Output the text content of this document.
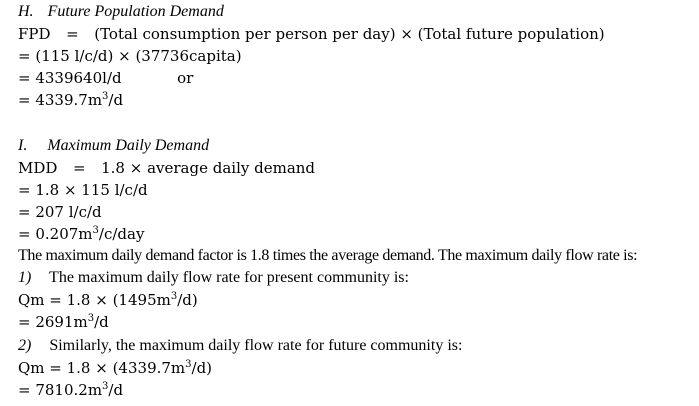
H. Future Population Demand
FPD = (Total consumption per person per day) × (Total future population)
= (115 l/c/d) × (37736capita)
= 4339640l/d	or
= $4339.7m^3/d$
I. Maximum Daily Demand
MDD = 1.8 × average daily demand
= 1.8 × 115 l/c/d
= 207 l/c/d
= $0.207m^3/c$/day
The maximum daily demand factor is 1.8 times the average demand. The maximum daily flow rate is:
1) The maximum daily flow rate for present community is:
$Qm = 1.8 \times (1495m^3/d)$
= $2691m^3/d$
2) Similarly, the maximum daily flow rate for future community is:
$Qm = 1.8 \times (4339.7m^3/d)$
= $7810.2m^3/d$
